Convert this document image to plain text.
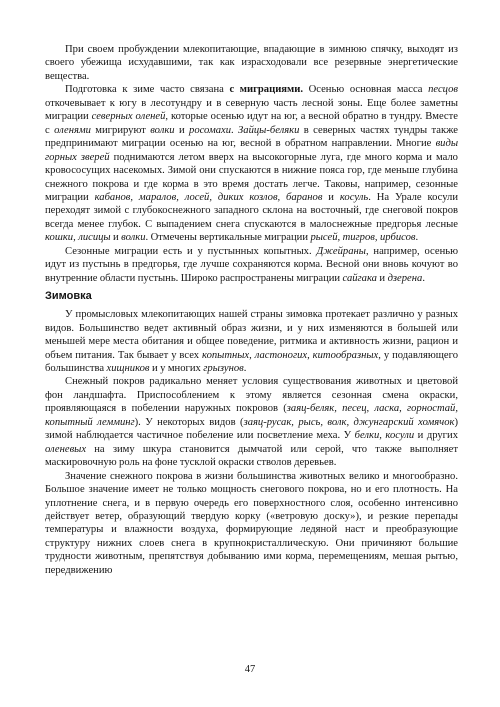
При своем пробуждении млекопитающие, впадающие в зимнюю спячку, выходят из своего убежища исхудавшими, так как израсходовали все резервные энергетические вещества.

Подготовка к зиме часто связана с миграциями. Осенью основная масса песцов откочевывает к югу в лесотундру и в северную часть лесной зоны. Еще более заметны миграции северных оленей, которые осенью идут на юг, а весной обратно в тундру. Вместе с оленями мигрируют волки и росомахи. Зайцы-беляки в северных частях тундры также предпринимают миграции осенью на юг, весной в обратном направлении. Многие виды горных зверей поднимаются летом вверх на высокогорные луга, где много корма и мало кровососущих насекомых. Зимой они спускаются в нижние пояса гор, где меньше глубина снежного покрова и где корма в это время достать легче. Таковы, например, сезонные миграции кабанов, маралов, лосей, диких козлов, баранов и косуль. На Урале косули переходят зимой с глубокоснежного западного склона на восточный, где снеговой покров всегда менее глубок. С выпадением снега спускаются в малоснежные предгорья лесные кошки, лисицы и волки. Отмечены вертикальные миграции рысей, тигров, ирбисов.

Сезонные миграции есть и у пустынных копытных. Джейраны, например, осенью идут из пустынь в предгорья, где лучше сохраняются корма. Весной они вновь кочуют во внутренние области пустынь. Широко распространены миграции сайгака и дзерена.

Зимовка

У промысловых млекопитающих нашей страны зимовка протекает различно у разных видов. Большинство ведет активный образ жизни, и у них изменяются в большей или меньшей мере места обитания и общее поведение, ритмика и активность жизни, рацион и объем питания. Так бывает у всех копытных, ластоногих, китообразных, у подавляющего большинства хищников и у многих грызунов.

Снежный покров радикально меняет условия существования животных и цветовой фон ландшафта. Приспособлением к этому является сезонная смена окраски, проявляющаяся в побелении наружных покровов (заяц-беляк, песец, ласка, горностай, копытный лемминг). У некоторых видов (заяц-русак, рысь, волк, джунгарский хомячок) зимой наблюдается частичное побеление или посветление меха. У белки, косули и других оленевых на зиму шкура становится дымчатой или серой, что также выполняет маскировочную роль на фоне тусклой окраски стволов деревьев.

Значение снежного покрова в жизни большинства животных велико и многообразно. Большое значение имеет не только мощность снегового покрова, но и его плотность. На уплотнение снега, и в первую очередь его поверхностного слоя, особенно интенсивно действует ветер, образующий твердую корку («ветровую доску»), и резкие перепады температуры и влажности воздуха, формирующие ледяной наст и преобразующие структуру нижних слоев снега в крупнокристаллическую. Они причиняют большие трудности животным, препятствуя добыванию ими корма, перемещениям, мешая рытью, передвижению

47
